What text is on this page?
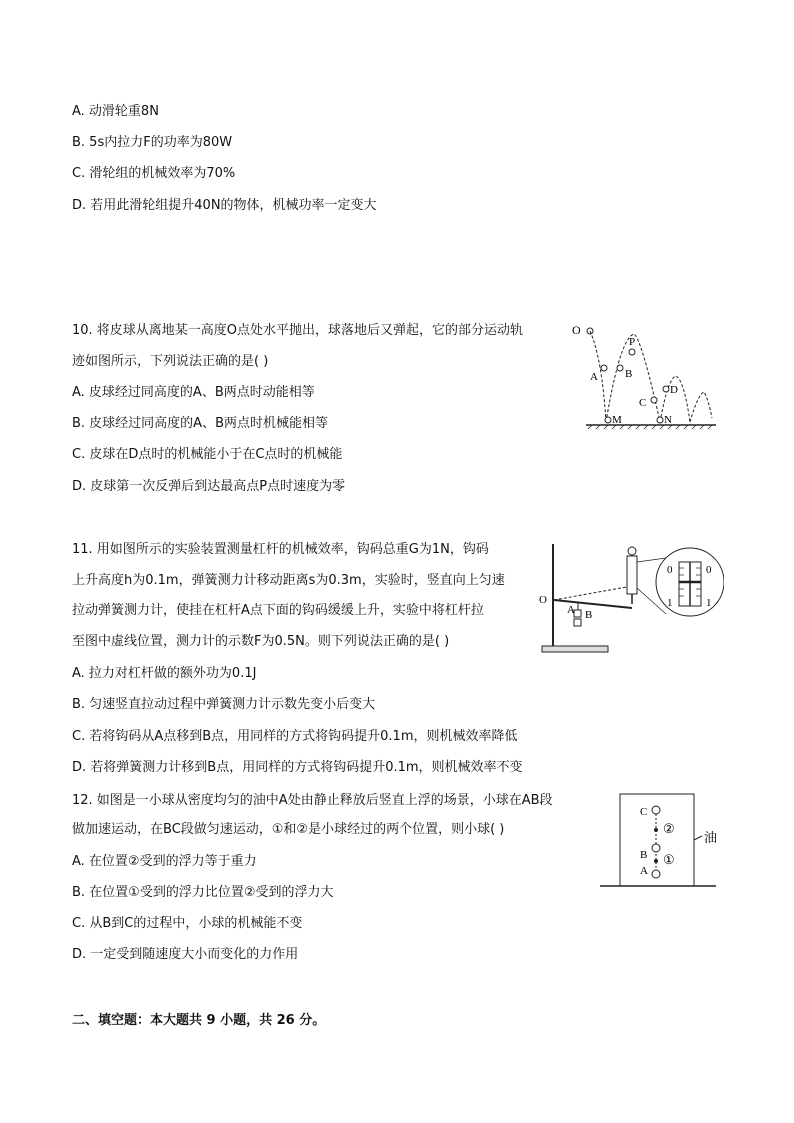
A. 动滑轮重8N
B. 5s内拉力F的功率为80W
C. 滑轮组的机械效率为70%
D. 若用此滑轮组提升40N的物体，机械功率一定变大
10. 将皮球从离地某一高度O点处水平抛出，球落地后又弹起，它的部分运动轨
迹如图所示，下列说法正确的是( )
A. 皮球经过同高度的A、B两点时动能相等
B. 皮球经过同高度的A、B两点时机械能相等
C. 皮球在D点时的机械能小于在C点时的机械能
D. 皮球第一次反弹后到达最高点P点时速度为零
O
P
A B
C
D
M	N
11. 用如图所示的实验装置测量杠杆的机械效率，钩码总重G为1N，钩码
上升高度h为0.1m，弹簧测力计移动距离s为0.3m，实验时，竖直向上匀速
拉动弹簧测力计，使挂在杠杆A点下面的钩码缓缓上升，实验中将杠杆拉
至图中虚线位置，测力计的示数F为0.5N。则下列说法正确的是( )
A. 拉力对杠杆做的额外功为0.1J
B. 匀速竖直拉动过程中弹簧测力计示数先变小后变大
C. 若将钩码从A点移到B点，用同样的方式将钩码提升0.1m，则机械效率降低
D. 若将弹簧测力计移到B点，用同样的方式将钩码提升0.1m，则机械效率不变
O
A B
0	0
1	1
12. 如图是一小球从密度均匀的油中A处由静止释放后竖直上浮的场景，小球在AB段
做加速运动，在BC段做匀速运动，①和②是小球经过的两个位置，则小球( )
A. 在位置②受到的浮力等于重力
B. 在位置①受到的浮力比位置②受到的浮力大
C. 从B到C的过程中，小球的机械能不变
D. 一定受到随速度大小而变化的力作用
C
B
A
②
①
油
二、填空题：本大题共 9 小题，共 26 分。
